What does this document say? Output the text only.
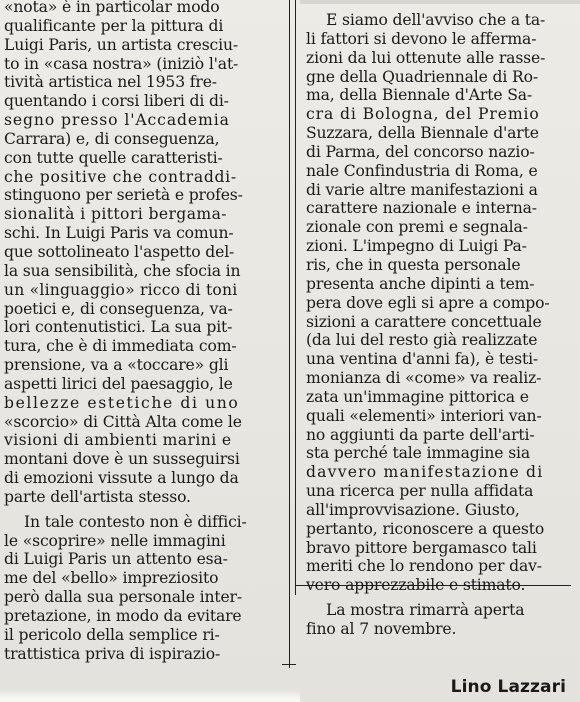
«nota» è in particolar modo
qualificante per la pittura di
Luigi Paris, un artista cresciu-
to in «casa nostra» (iniziò l'at-
tività artistica nel 1953 fre-
quentando i corsi liberi di di-
segno presso l'Accademia
Carrara) e, di conseguenza,
con tutte quelle caratteristi-
che positive che contraddi-
stinguono per serietà e profes-
sionalità i pittori bergama-
schi. In Luigi Paris va comun-
que sottolineato l'aspetto del-
la sua sensibilità, che sfocia in
un «linguaggio» ricco di toni
poetici e, di conseguenza, va-
lori contenutistici. La sua pit-
tura, che è di immediata com-
prensione, va a «toccare» gli
aspetti lirici del paesaggio, le
bellezze estetiche di uno
«scorcio» di Città Alta come le
visioni di ambienti marini e
montani dove è un susseguirsi
di emozioni vissute a lungo da
parte dell'artista stesso.
In tale contesto non è diffici-
le «scoprire» nelle immagini
di Luigi Paris un attento esa-
me del «bello» impreziosito
però dalla sua personale inter-
pretazione, in modo da evitare
il pericolo della semplice ri-
trattistica priva di ispirazio-
E siamo dell'avviso che a ta-
li fattori si devono le afferma-
zioni da lui ottenute alle rasse-
gne della Quadriennale di Ro-
ma, della Biennale d'Arte Sa-
cra di Bologna, del Premio
Suzzara, della Biennale d'arte
di Parma, del concorso nazio-
nale Confindustria di Roma, e
di varie altre manifestazioni a
carattere nazionale e interna-
zionale con premi e segnala-
zioni. L'impegno di Luigi Pa-
ris, che in questa personale
presenta anche dipinti a tem-
pera dove egli si apre a compo-
sizioni a carattere concettuale
(da lui del resto già realizzate
una ventina d'anni fa), è testi-
monianza di «come» va realiz-
zata un'immagine pittorica e
quali «elementi» interiori van-
no aggiunti da parte dell'arti-
sta perché tale immagine sia
davvero manifestazione di
una ricerca per nulla affidata
all'improvvisazione. Giusto,
pertanto, riconoscere a questo
bravo pittore bergamasco tali
meriti che lo rendono per dav-
vero apprezzabile e stimato.
La mostra rimarrà aperta
fino al 7 novembre.
Lino Lazzari
